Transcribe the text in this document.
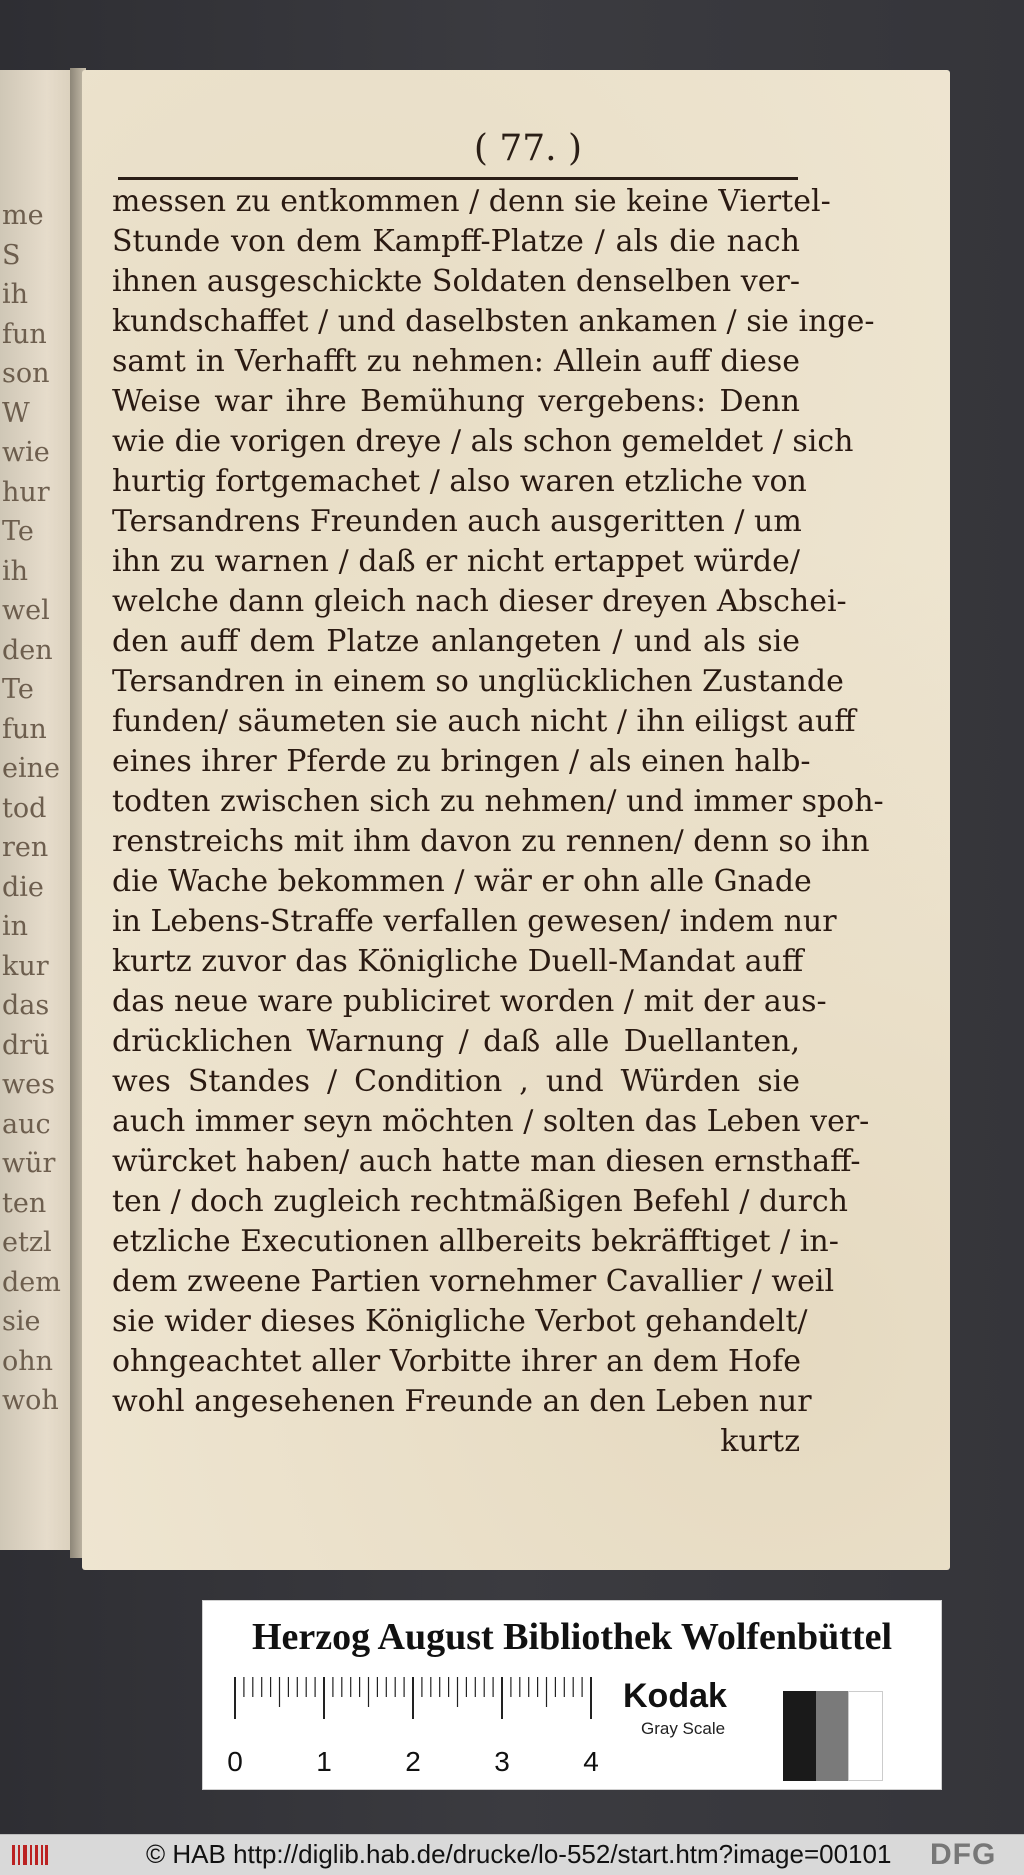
me
S
ih
fun
son
W
wie
hur
Te
ih
wel
den
Te
fun
eine
tod
ren
die
in
kur
das
drü
wes
auc
wür
ten
etzl
dem
sie
ohn
woh
( 77. )
messen zu entkommen / denn sie keine Viertel-
Stunde von dem Kampff-Platze / als die nach
ihnen ausgeschickte Soldaten denselben ver-
kundschaffet / und daselbsten ankamen / sie inge-
samt in Verhafft zu nehmen: Allein auff diese
Weise war ihre Bemühung vergebens: Denn
wie die vorigen dreye / als schon gemeldet / sich
hurtig fortgemachet / also waren etzliche von
Tersandrens Freunden auch ausgeritten / um
ihn zu warnen / daß er nicht ertappet würde/
welche dann gleich nach dieser dreyen Abschei-
den auff dem Platze anlangeten / und als sie
Tersandren in einem so unglücklichen Zustande
funden/ säumeten sie auch nicht / ihn eiligst auff
eines ihrer Pferde zu bringen / als einen halb-
todten zwischen sich zu nehmen/ und immer spoh-
renstreichs mit ihm davon zu rennen/ denn so ihn
die Wache bekommen / wär er ohn alle Gnade
in Lebens-Straffe verfallen gewesen/ indem nur
kurtz zuvor das Königliche Duell-Mandat auff
das neue ware publiciret worden / mit der aus-
drücklichen Warnung / daß alle Duellanten,
wes Standes / Condition , und Würden sie
auch immer seyn möchten / solten das Leben ver-
würcket haben/ auch hatte man diesen ernsthaff-
ten / doch zugleich rechtmäßigen Befehl / durch
etzliche Executionen allbereits bekräfftiget / in-
dem zweene Partien vornehmer Cavallier / weil
sie wider dieses Königliche Verbot gehandelt/
ohngeachtet aller Vorbitte ihrer an dem Hofe
wohl angesehenen Freunde an den Leben nur
kurtz
Herzog August Bibliothek Wolfenbüttel
0	1	2	3	4
Kodak
Gray Scale
© HAB http://diglib.hab.de/drucke/lo-552/start.htm?image=00101 DFG
